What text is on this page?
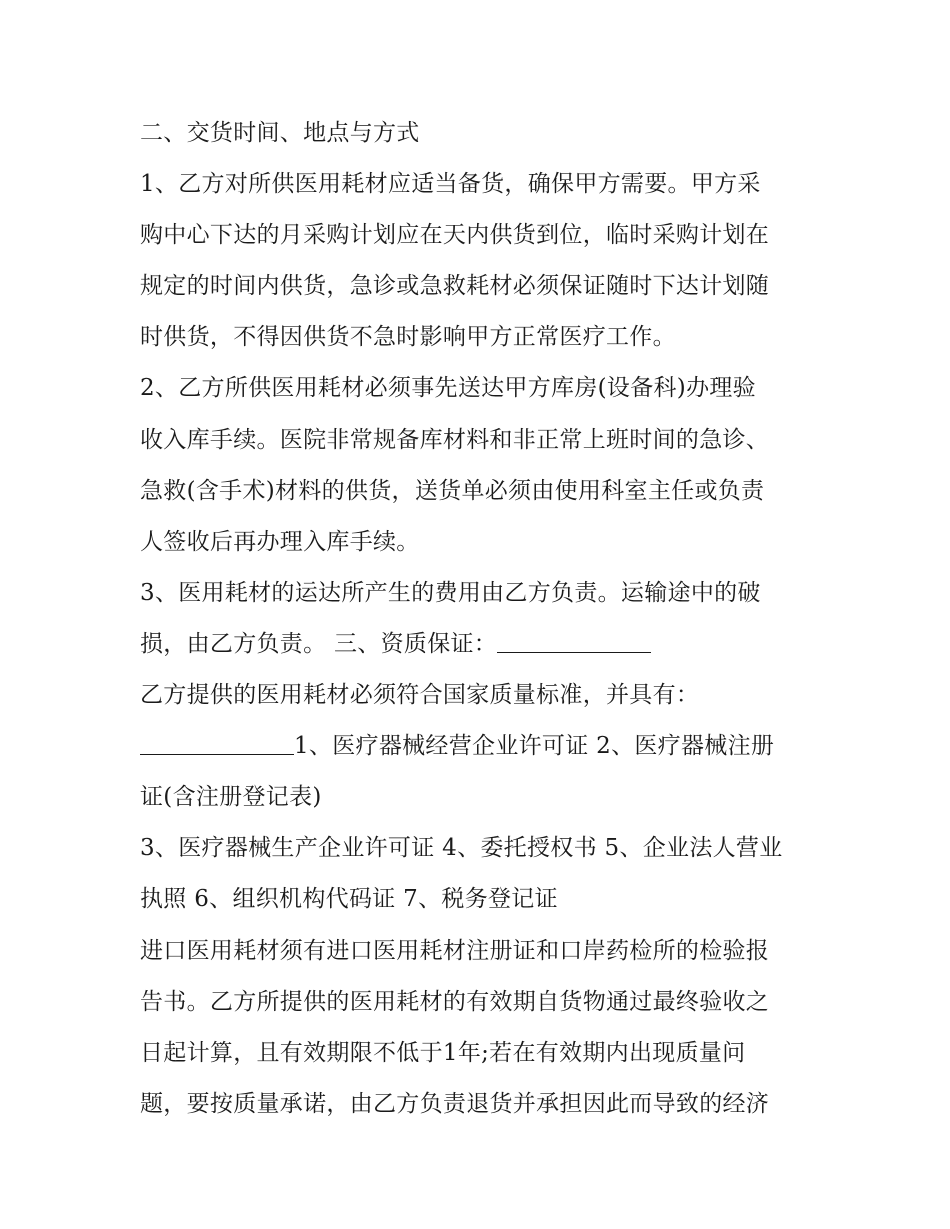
二、交货时间、地点与方式
1、乙方对所供医用耗材应适当备货，确保甲方需要。甲方采
购中心下达的月采购计划应在天内供货到位，临时采购计划在
规定的时间内供货，急诊或急救耗材必须保证随时下达计划随
时供货，不得因供货不急时影响甲方正常医疗工作。
2、乙方所供医用耗材必须事先送达甲方库房(设备科)办理验
收入库手续。医院非常规备库材料和非正常上班时间的急诊、
急救(含手术)材料的供货，送货单必须由使用科室主任或负责
人签收后再办理入库手续。
3、医用耗材的运达所产生的费用由乙方负责。运输途中的破
损，由乙方负责。 三、资质保证：
乙方提供的医用耗材必须符合国家质量标准，并具有：
1、医疗器械经营企业许可证 2、医疗器械注册
证(含注册登记表)
3、医疗器械生产企业许可证 4、委托授权书 5、企业法人营业
执照 6、组织机构代码证 7、税务登记证
进口医用耗材须有进口医用耗材注册证和口岸药检所的检验报
告书。乙方所提供的医用耗材的有效期自货物通过最终验收之
日起计算，且有效期限不低于1年;若在有效期内出现质量问
题，要按质量承诺，由乙方负责退货并承担因此而导致的经济
